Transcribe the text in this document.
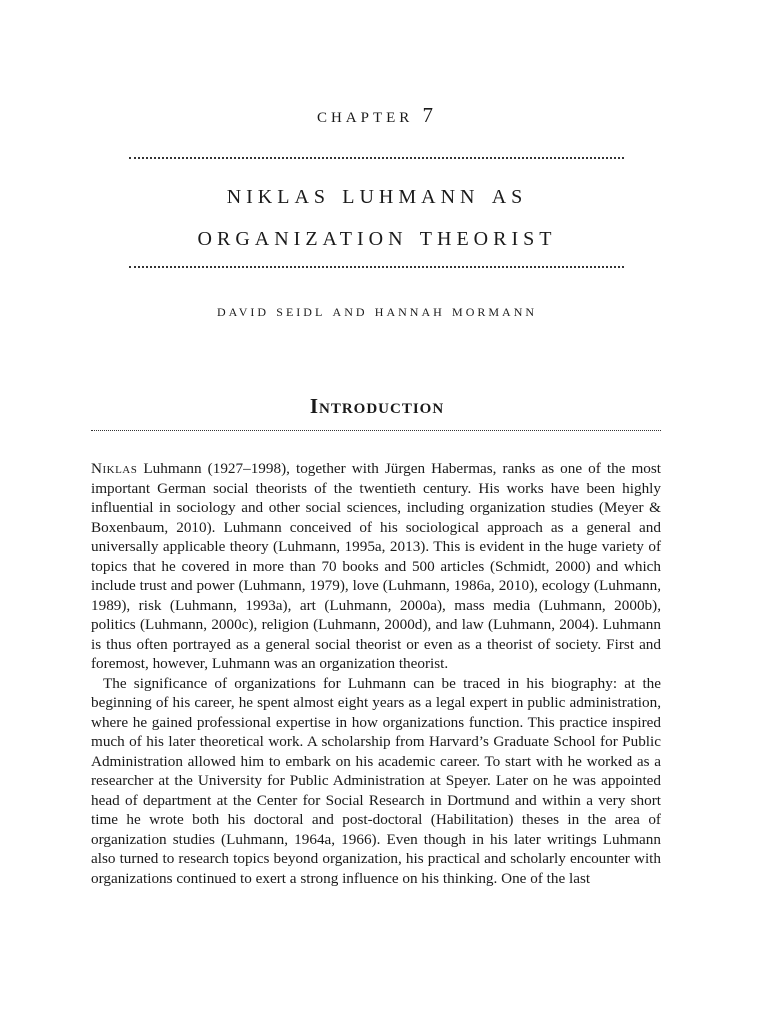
chapter 7
niklas luhmann as
organization theorist
david seidl and hannah mormann
Introduction

Niklas Luhmann (1927–1998), together with Jürgen Habermas, ranks as one of the most important German social theorists of the twentieth century. His works have been highly influential in sociology and other social sciences, including organization studies (Meyer & Boxenbaum, 2010). Luhmann conceived of his sociological approach as a general and universally applicable theory (Luhmann, 1995a, 2013). This is evident in the huge variety of topics that he covered in more than 70 books and 500 articles (Schmidt, 2000) and which include trust and power (Luhmann, 1979), love (Luhmann, 1986a, 2010), ecology (Luhmann, 1989), risk (Luhmann, 1993a), art (Luhmann, 2000a), mass media (Luhmann, 2000b), politics (Luhmann, 2000c), religion (Luhmann, 2000d), and law (Luhmann, 2004). Luhmann is thus often portrayed as a general social theorist or even as a theorist of society. First and foremost, however, Luhmann was an organization theorist.

The significance of organizations for Luhmann can be traced in his biography: at the beginning of his career, he spent almost eight years as a legal expert in public administration, where he gained professional expertise in how organizations function. This practice inspired much of his later theoretical work. A scholarship from Harvard’s Graduate School for Public Administration allowed him to embark on his academic career. To start with he worked as a researcher at the University for Public Administration at Speyer. Later on he was appointed head of department at the Center for Social Research in Dortmund and within a very short time he wrote both his doctoral and post-doctoral (Habilitation) theses in the area of organization studies (Luhmann, 1964a, 1966). Even though in his later writings Luhmann also turned to research topics beyond organization, his practical and scholarly encounter with organizations continued to exert a strong influence on his thinking. One of the last
